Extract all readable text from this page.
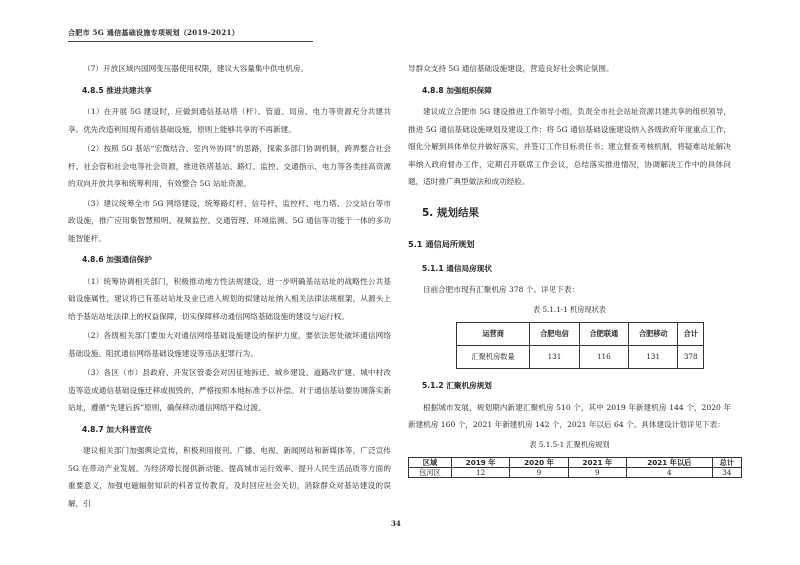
合肥市 5G 通信基础设施专项规划（2019-2021）

（7）开放区域内国网变压器使用权限，建议大容量集中供电机房。

4.8.5 推进共建共享

（1）在开展 5G 建设时，应做到通信基站塔（杆）、管道、局房、电力等资源充分共建共享。优先改造利用现有通信基础设施，原则上能够共享的不再新建。

（2）按照 5G 基站“宏微结合、室内外协同”的思路，探索多部门协调机制，跨界整合社会杆、社会管和社会电等社会资源，推进铁塔基站、路灯、监控、交通指示、电力等各类挂高资源的双向开放共享和统筹利用，有效整合 5G 站址资源。

（3）建议统筹全市 5G 网络建设，统筹路灯杆、信号杆、监控杆、电力塔、公交站台等市政设施，推广应用集智慧照明、视频监控、交通管理、环境监测、5G 通信等功能于一体的多功能智能杆。

4.8.6 加强通信保护

（1）统筹协调相关部门，积极推动地方性法规建设，进一步明确基站站址的战略性公共基础设施属性，建议将已有基站站址及业已进入规划的拟建站址纳入相关法律法规框架，从源头上给予基站站址法律上的权益保障，切实保障移动通信网络基础设施的建设与运行权。

（2）各级相关部门要加大对通信网络基础设施建设的保护力度，要依法惩处破坏通信网络基础设施、阻扰通信网络基础设施建设等违法犯罪行为。

（3）各区（市）县政府、开发区管委会对因征地拆迁、城乡建设、道路改扩建、城中村改造等造成通信基础设施迁移或损毁的，严格按照本地标准予以补偿。对于通信基站要协调落实新站址，遵循“先建后拆”原则，确保移动通信网络平稳过渡。

4.8.7 加大科普宣传

建议相关部门加强舆论宣传，积极利用报刊、广播、电视、新闻网站和新媒体等，广泛宣传 5G 在带动产业发展、为经济增长提供新动能、提高城市运行效率、提升人民生活品质等方面的重要意义，加强电磁辐射知识的科普宣传教育，及时回应社会关切，消除群众对基站建设的误解，引

导群众支持 5G 通信基础设施建设，营造良好社会舆论氛围。

4.8.8 加强组织保障

建议成立合肥市 5G 建设推进工作领导小组，负责全市社会站址资源共建共享的组织领导，推进 5G 通信基础设施规划及建设工作；将 5G 通信基础设施建设纳入各级政府年度重点工作，细化分解到具体单位并做好落实，并签订工作目标责任书；建立督查考核机制，将疑难站址解决率纳入政府督办工作，定期召开联席工作会议，总结落实推进情况，协调解决工作中的具体问题，适时推广典型做法和成功经验。

5. 规划结果
5.1 通信局所规划
5.1.1 通信局房现状

目前合肥市现有汇聚机房 378 个。详见下表：

表 5.1.1-1 机房现状表
运营商	合肥电信	合肥联通	合肥移动	合计
汇聚机房数量	131	116	131	378
5.1.2 汇聚机房规划

根据城市发展，规划期内新建汇聚机房 510 个，其中 2019 年新建机房 144 个，2020 年新建机房 160 个，2021 年新建机房 142 个，2021 年以后 64 个。具体建设计划详见下表：

表 5.1.5-1 汇聚机房规划
区域	2019 年	2020 年	2021 年	2021 年以后	总计
包河区	12	9	9	4	34
34
